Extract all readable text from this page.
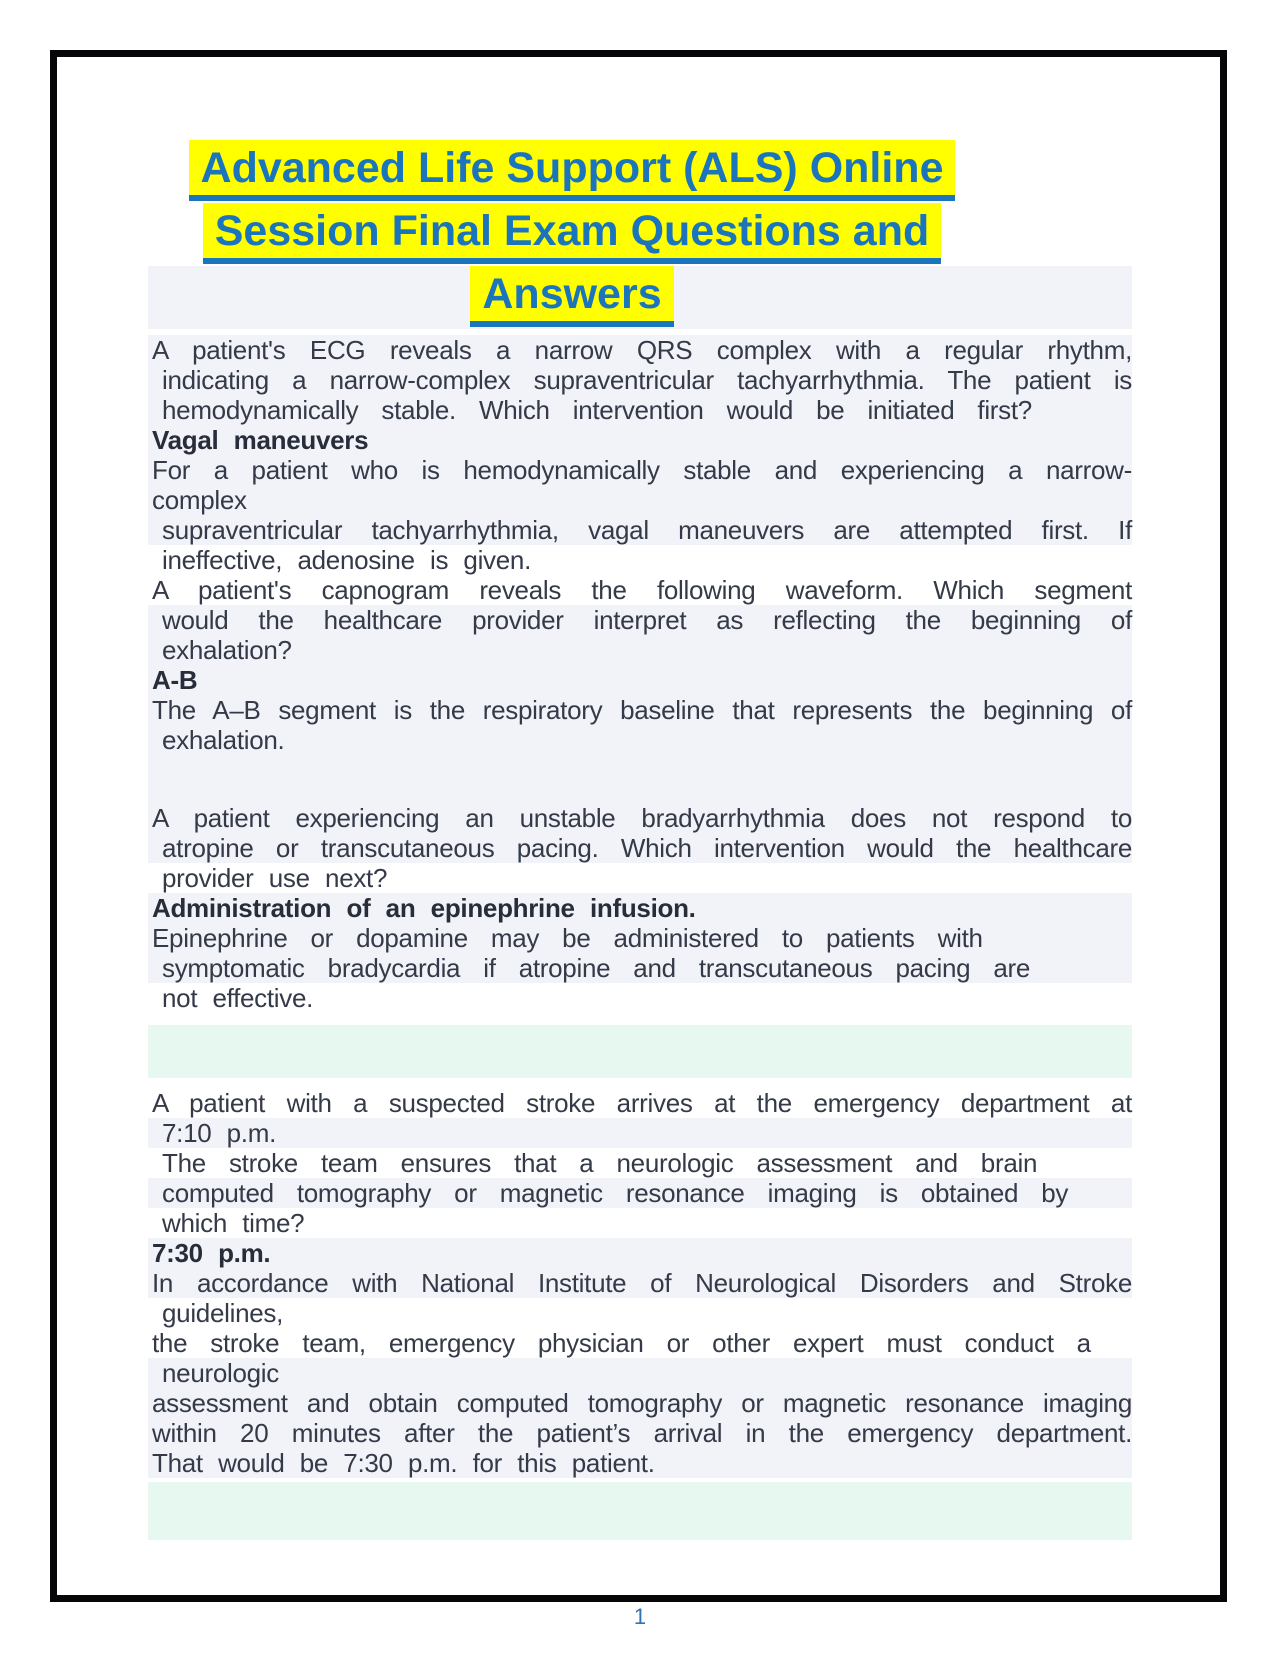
Advanced Life Support (ALS) Online
Session Final Exam Questions and
Answers
A patient's ECG reveals a narrow QRS complex with a regular rhythm,
indicating a narrow-complex supraventricular tachyarrhythmia. The patient is
hemodynamically stable. Which intervention would be initiated first?
Vagal maneuvers
For a patient who is hemodynamically stable and experiencing a narrow-
complex
supraventricular tachyarrhythmia, vagal maneuvers are attempted first. If
ineffective, adenosine is given.
A patient's capnogram reveals the following waveform. Which segment
would the healthcare provider interpret as reflecting the beginning of
exhalation?
A-B
The A–B segment is the respiratory baseline that represents the beginning of
exhalation.
A patient experiencing an unstable bradyarrhythmia does not respond to
atropine or transcutaneous pacing. Which intervention would the healthcare
provider use next?
Administration of an epinephrine infusion.
Epinephrine or dopamine may be administered to patients with
symptomatic bradycardia if atropine and transcutaneous pacing are
not effective.
A patient with a suspected stroke arrives at the emergency department at
7:10 p.m.
The stroke team ensures that a neurologic assessment and brain
computed tomography or magnetic resonance imaging is obtained by
which time?
7:30 p.m.
In accordance with National Institute of Neurological Disorders and Stroke
guidelines,
the stroke team, emergency physician or other expert must conduct a
neurologic
assessment and obtain computed tomography or magnetic resonance imaging
within 20 minutes after the patient’s arrival in the emergency department.
That would be 7:30 p.m. for this patient.
1
